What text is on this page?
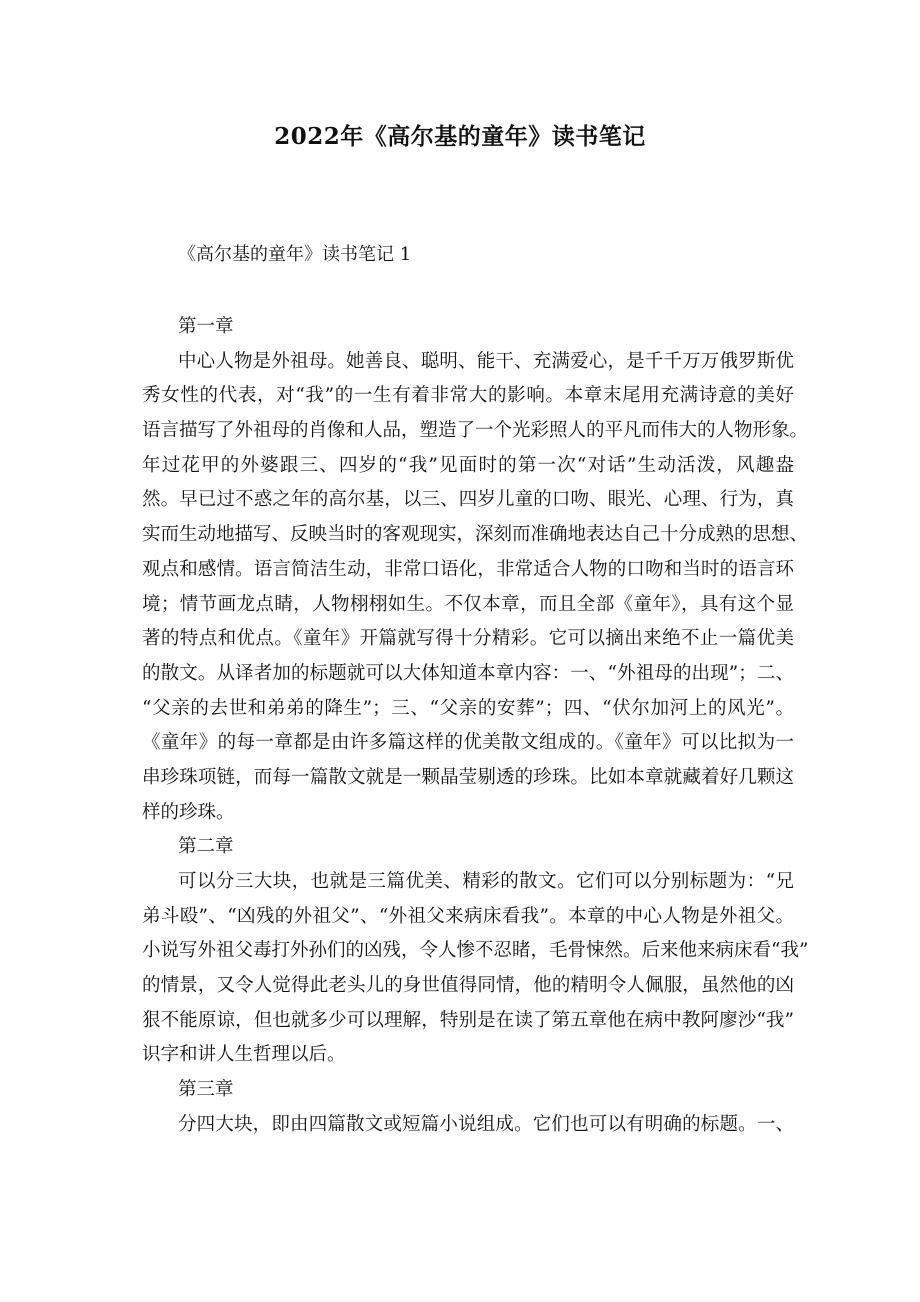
2022年《高尔基的童年》读书笔记
《高尔基的童年》读书笔记 1
第一章
中心人物是外祖母。她善良、聪明、能干、充满爱心，是千千万万俄罗斯优
秀女性的代表，对“我”的一生有着非常大的影响。本章末尾用充满诗意的美好
语言描写了外祖母的肖像和人品，塑造了一个光彩照人的平凡而伟大的人物形象。
年过花甲的外婆跟三、四岁的“我”见面时的第一次“对话”生动活泼，风趣盎
然。早已过不惑之年的高尔基，以三、四岁儿童的口吻、眼光、心理、行为，真
实而生动地描写、反映当时的客观现实，深刻而准确地表达自己十分成熟的思想、
观点和感情。语言简洁生动，非常口语化，非常适合人物的口吻和当时的语言环
境；情节画龙点睛，人物栩栩如生。不仅本章，而且全部《童年》，具有这个显
著的特点和优点。《童年》开篇就写得十分精彩。它可以摘出来绝不止一篇优美
的散文。从译者加的标题就可以大体知道本章内容：一、“外祖母的出现”；二、
“父亲的去世和弟弟的降生”；三、“父亲的安葬”；四、“伏尔加河上的风光”。
《童年》的每一章都是由许多篇这样的优美散文组成的。《童年》可以比拟为一
串珍珠项链，而每一篇散文就是一颗晶莹剔透的珍珠。比如本章就藏着好几颗这
样的珍珠。
第二章
可以分三大块，也就是三篇优美、精彩的散文。它们可以分别标题为：“兄
弟斗殴”、“凶残的外祖父”、“外祖父来病床看我”。本章的中心人物是外祖父。
小说写外祖父毒打外孙们的凶残，令人惨不忍睹，毛骨悚然。后来他来病床看“我”
的情景，又令人觉得此老头儿的身世值得同情，他的精明令人佩服，虽然他的凶
狠不能原谅，但也就多少可以理解，特别是在读了第五章他在病中教阿廖沙“我”
识字和讲人生哲理以后。
第三章
分四大块，即由四篇散文或短篇小说组成。它们也可以有明确的标题。一、
